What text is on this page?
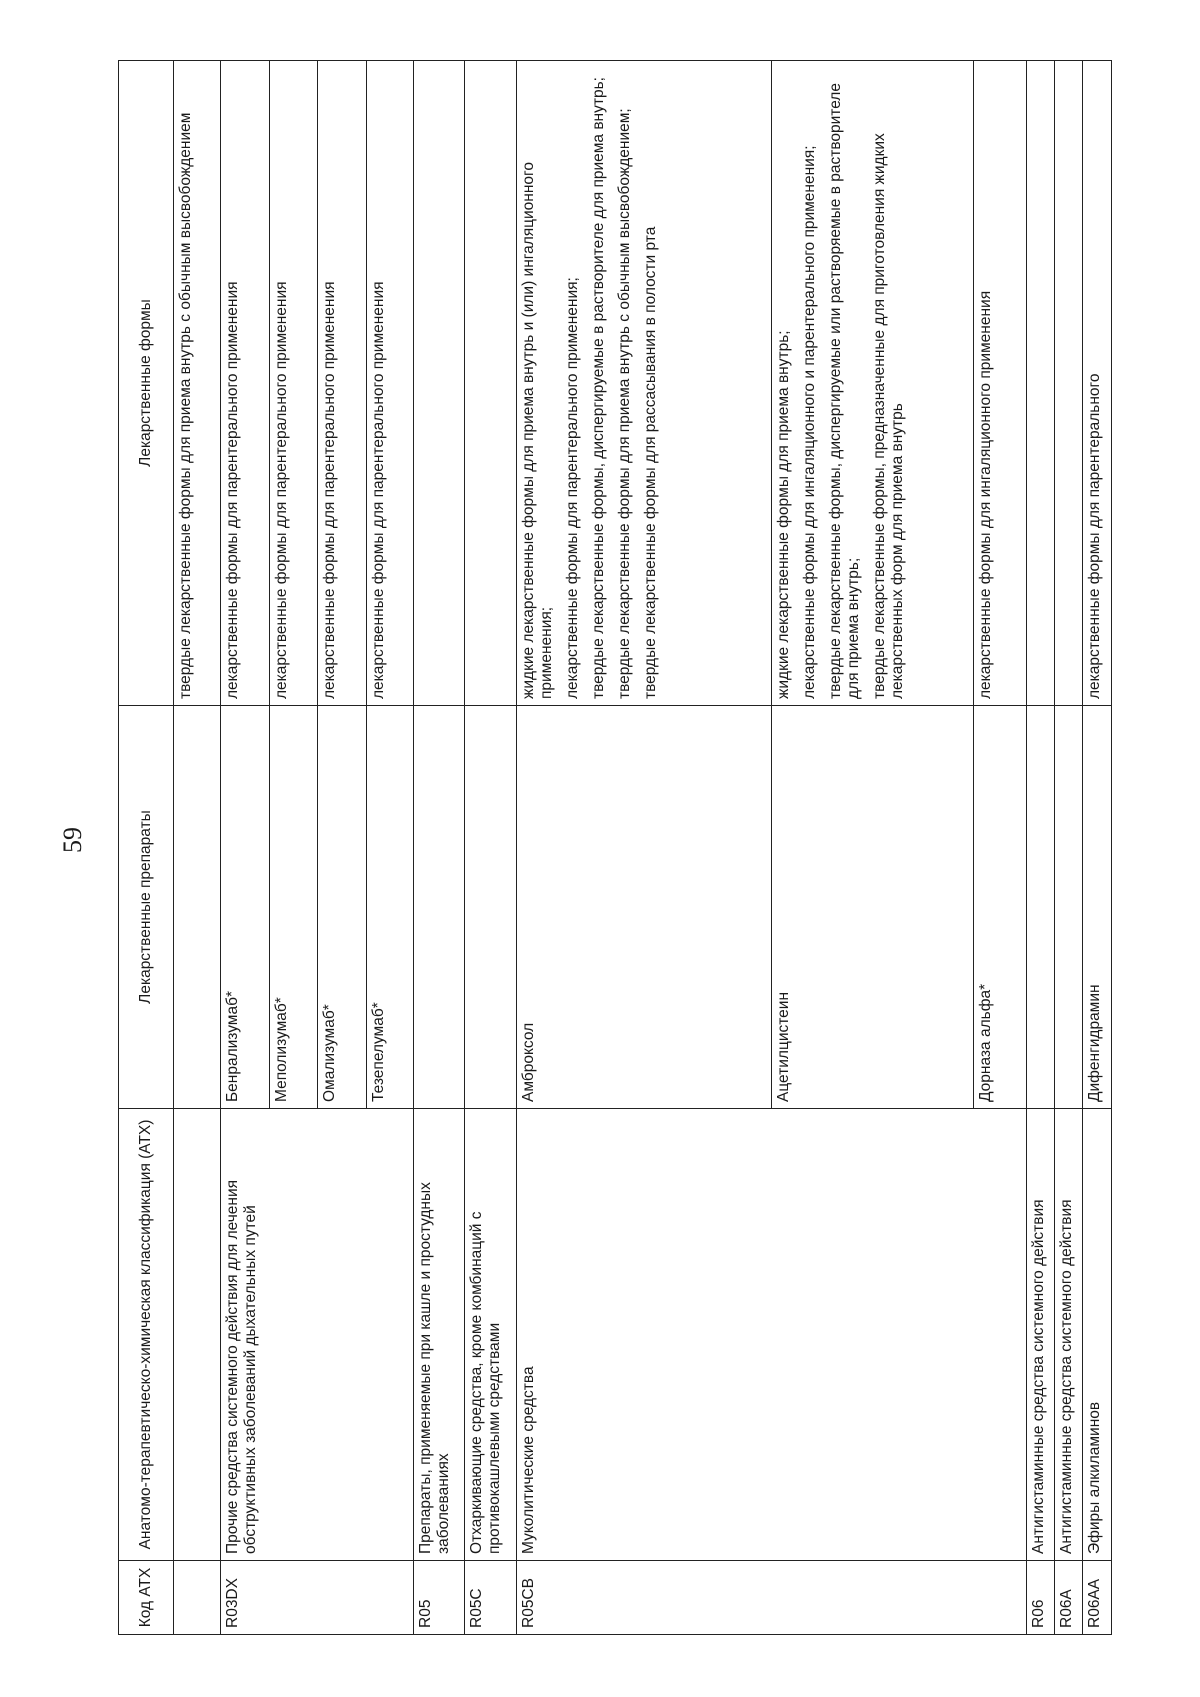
59
Код АТХ	Анатомо-терапевтическо-химическая классификация (АТХ)	Лекарственные препараты	Лекарственные формы
			твердые лекарственные формы для приема внутрь с обычным высвобождением
R03DX	Прочие средства системного действия для лечения обструктивных заболеваний дыхательных путей	Бенрализумаб*	лекарственные формы для парентерального применения
		Меполизумаб*	лекарственные формы для парентерального применения
		Омализумаб*	лекарственные формы для парентерального применения
		Тезепелумаб*	лекарственные формы для парентерального применения
R05	Препараты, применяемые при кашле и простудных заболеваниях		
R05C	Отхаркивающие средства, кроме комбинаций с противокашлевыми средствами		
R05CB	Муколитические средства	Амброксол	жидкие лекарственные формы для приема внутрь и (или) ингаляционного применения; лекарственные формы для парентерального применения; твердые лекарственные формы, диспергируемые в растворителе для приема внутрь; твердые лекарственные формы для приема внутрь с обычным высвобождением; твердые лекарственные формы для рассасывания в полости рта

		Ацетилцистеин	жидкие лекарственные формы для приема внутрь; лекарственные формы для ингаляционного и парентерального применения; твердые лекарственные формы, диспергируемые или растворяемые в растворителе для приема внутрь; твердые лекарственные формы, предназначенные для приготовления жидких лекарственных форм для приема внутрь

		Дорназа альфа*	лекарственные формы для ингаляционного применения
R06	Антигистаминные средства системного действия		
R06A	Антигистаминные средства системного действия		
R06AA	Эфиры алкиламинов	Дифенгидрамин	лекарственные формы для парентерального
